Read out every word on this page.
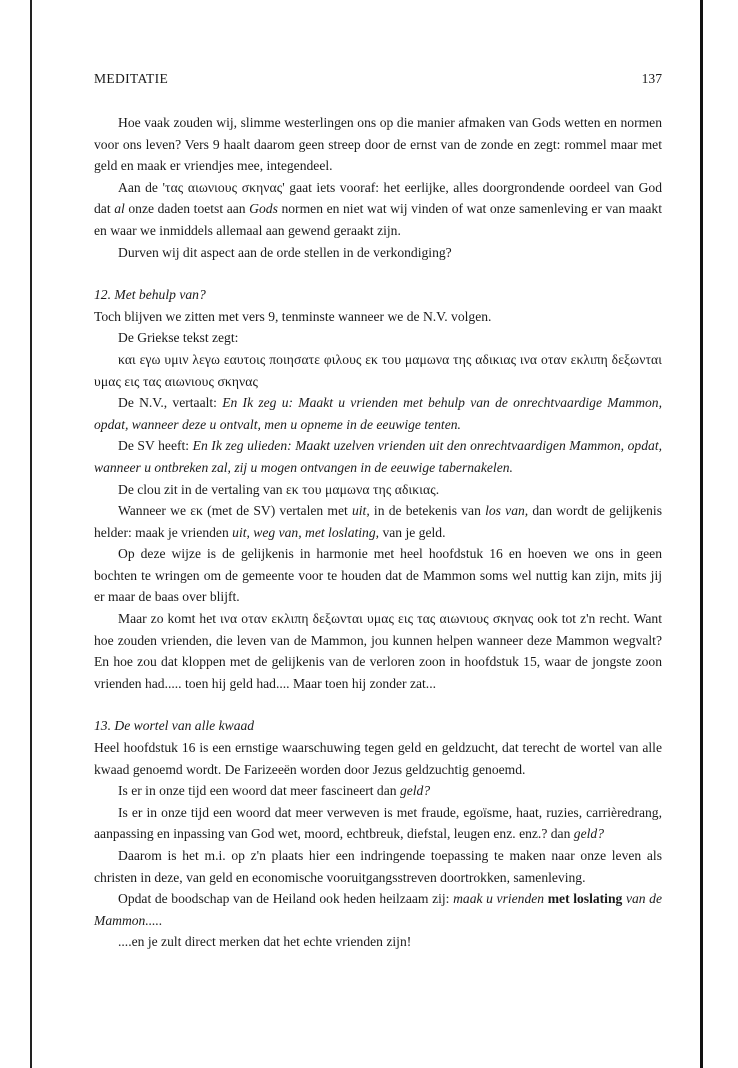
MEDITATIE	137

Hoe vaak zouden wij, slimme westerlingen ons op die manier afmaken van Gods wetten en normen voor ons leven? Vers 9 haalt daarom geen streep door de ernst van de zonde en zegt: rommel maar met geld en maak er vriendjes mee, integendeel.

Aan de 'τας αιωνιους σκηνας' gaat iets vooraf: het eerlijke, alles doorgrondende oordeel van God dat al onze daden toetst aan Gods normen en niet wat wij vinden of wat onze samenleving er van maakt en waar we inmiddels allemaal aan gewend geraakt zijn.

Durven wij dit aspect aan de orde stellen in de verkondiging?

12. Met behulp van?

Toch blijven we zitten met vers 9, tenminste wanneer we de N.V. volgen.

De Griekse tekst zegt:

και εγω υμιν λεγω εαυτοις ποιησατε φιλους εκ του μαμωνα της αδικιας ινα οταν εκλιπη δεξωνται υμας εις τας αιωνιους σκηνας

De N.V., vertaalt: En Ik zeg u: Maakt u vrienden met behulp van de onrechtvaardige Mammon, opdat, wanneer deze u ontvalt, men u opneme in de eeuwige tenten.

De SV heeft: En Ik zeg ulieden: Maakt uzelven vrienden uit den onrechtvaardigen Mammon, opdat, wanneer u ontbreken zal, zij u mogen ontvangen in de eeuwige tabernakelen.

De clou zit in de vertaling van εκ του μαμωνα της αδικιας.

Wanneer we εκ (met de SV) vertalen met uit, in de betekenis van los van, dan wordt de gelijkenis helder: maak je vrienden uit, weg van, met loslating, van je geld.

Op deze wijze is de gelijkenis in harmonie met heel hoofdstuk 16 en hoeven we ons in geen bochten te wringen om de gemeente voor te houden dat de Mammon soms wel nuttig kan zijn, mits jij er maar de baas over blijft.

Maar zo komt het ινα οταν εκλιπη δεξωνται υμας εις τας αιωνιους σκηνας ook tot z'n recht. Want hoe zouden vrienden, die leven van de Mammon, jou kunnen helpen wanneer deze Mammon wegvalt? En hoe zou dat kloppen met de gelijkenis van de verloren zoon in hoofdstuk 15, waar de jongste zoon vrienden had..... toen hij geld had.... Maar toen hij zonder zat...

13. De wortel van alle kwaad

Heel hoofdstuk 16 is een ernstige waarschuwing tegen geld en geldzucht, dat terecht de wortel van alle kwaad genoemd wordt. De Farizeeën worden door Jezus geldzuchtig genoemd.

Is er in onze tijd een woord dat meer fascineert dan geld?

Is er in onze tijd een woord dat meer verweven is met fraude, egoïsme, haat, ruzies, carrièredrang, aanpassing en inpassing van God wet, moord, echtbreuk, diefstal, leugen enz. enz.? dan geld?

Daarom is het m.i. op z'n plaats hier een indringende toepassing te maken naar onze leven als christen in deze, van geld en economische vooruitgangsstreven doortrokken, samenleving.

Opdat de boodschap van de Heiland ook heden heilzaam zij: maak u vrienden met loslating van de Mammon.....

....en je zult direct merken dat het echte vrienden zijn!
